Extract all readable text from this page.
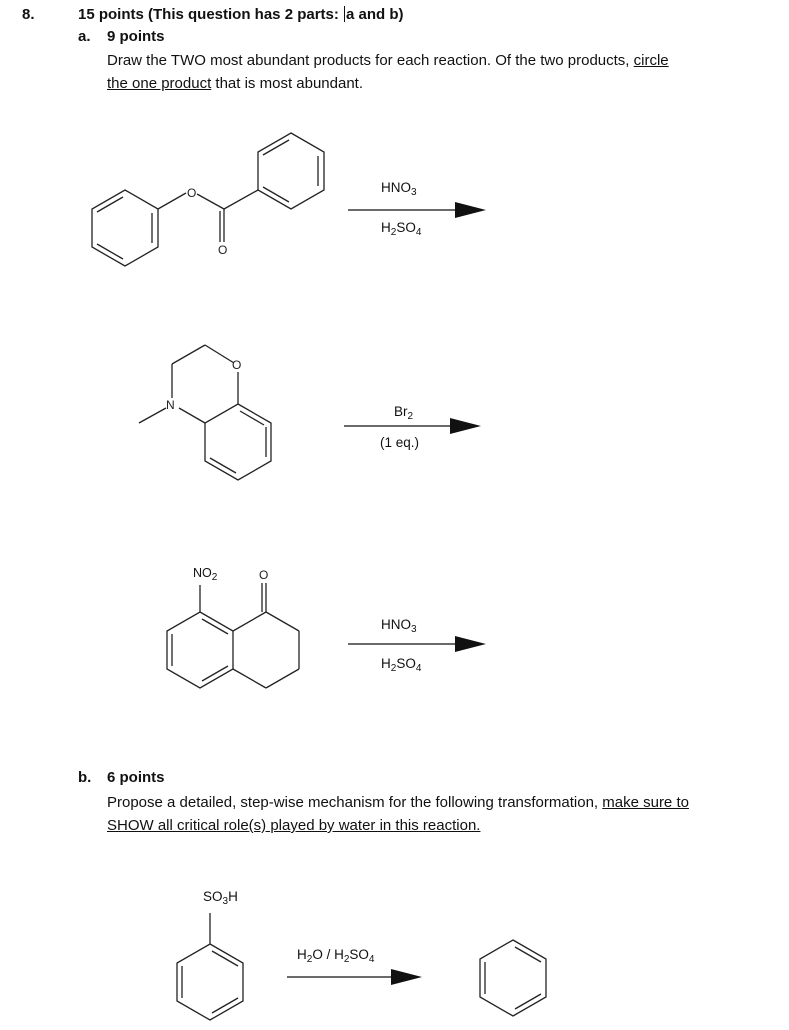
8.	15 points (This question has 2 parts: a and b)
a. 9 points
Draw the TWO most abundant products for each reaction. Of the two products, circle
the one product that is most abundant.
O
O
O
N
O
$NO_2$
$HNO_3$
$H_2SO_4$
$Br_2$
(1 eq.)
$HNO_3$
$H_2SO_4$
b. 6 points
Propose a detailed, step-wise mechanism for the following transformation, make sure to
SHOW all critical role(s) played by water in this reaction.
$SO_3H$
$H_2O / H_2SO_4$
